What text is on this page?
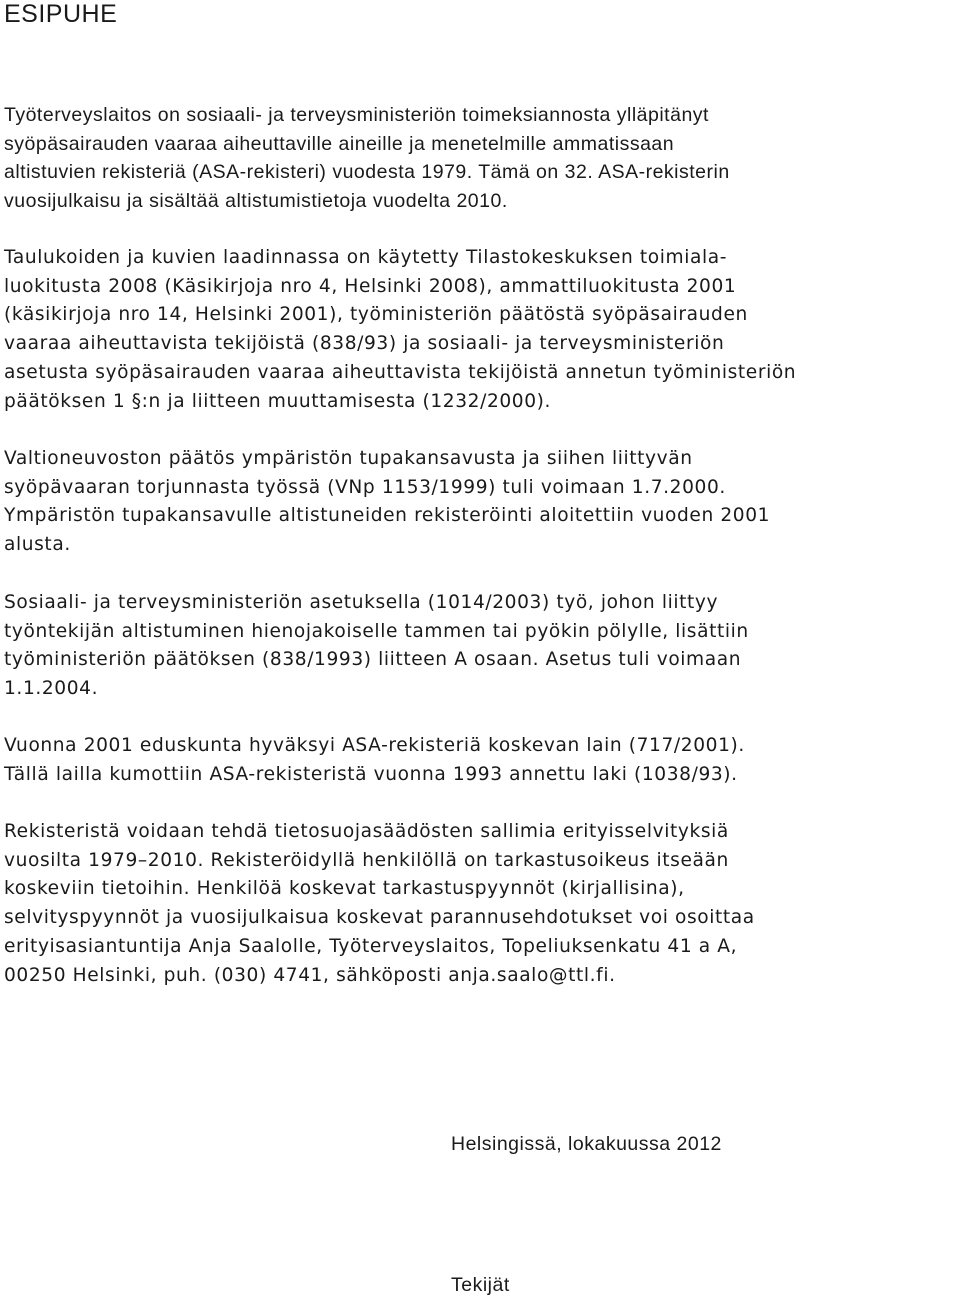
ESIPUHE

Työterveyslaitos on sosiaali- ja terveysministeriön toimeksiannosta ylläpitänyt
syöpäsairauden vaaraa aiheuttaville aineille ja menetelmille ammatissaan
altistuvien rekisteriä (ASA-rekisteri) vuodesta 1979. Tämä on 32. ASA-rekisterin
vuosijulkaisu ja sisältää altistumistietoja vuodelta 2010.

Taulukoiden ja kuvien laadinnassa on käytetty Tilastokeskuksen toimiala-
luokitusta 2008 (Käsikirjoja nro 4, Helsinki 2008), ammattiluokitusta 2001
(käsikirjoja nro 14, Helsinki 2001), työministeriön päätöstä syöpäsairauden
vaaraa aiheuttavista tekijöistä (838/93) ja sosiaali- ja terveysministeriön
asetusta syöpäsairauden vaaraa aiheuttavista tekijöistä annetun työministeriön
päätöksen 1 §:n ja liitteen muuttamisesta (1232/2000).

Valtioneuvoston päätös ympäristön tupakansavusta ja siihen liittyvän
syöpävaaran torjunnasta työssä (VNp 1153/1999) tuli voimaan 1.7.2000.
Ympäristön tupakansavulle altistuneiden rekisteröinti aloitettiin vuoden 2001
alusta.

Sosiaali- ja terveysministeriön asetuksella (1014/2003) työ, johon liittyy
työntekijän altistuminen hienojakoiselle tammen tai pyökin pölylle, lisättiin
työministeriön päätöksen (838/1993) liitteen A osaan. Asetus tuli voimaan
1.1.2004.

Vuonna 2001 eduskunta hyväksyi ASA-rekisteriä koskevan lain (717/2001).
Tällä lailla kumottiin ASA-rekisteristä vuonna 1993 annettu laki (1038/93).

Rekisteristä voidaan tehdä tietosuojasäädösten sallimia erityisselvityksiä
vuosilta 1979–2010. Rekisteröidyllä henkilöllä on tarkastusoikeus itseään
koskeviin tietoihin. Henkilöä koskevat tarkastuspyynnöt (kirjallisina),
selvityspyynnöt ja vuosijulkaisua koskevat parannusehdotukset voi osoittaa
erityisasiantuntija Anja Saalolle, Työterveyslaitos, Topeliuksenkatu 41 a A,
00250 Helsinki, puh. (030) 4741, sähköposti anja.saalo@ttl.fi.

Helsingissä, lokakuussa 2012

Tekijät
